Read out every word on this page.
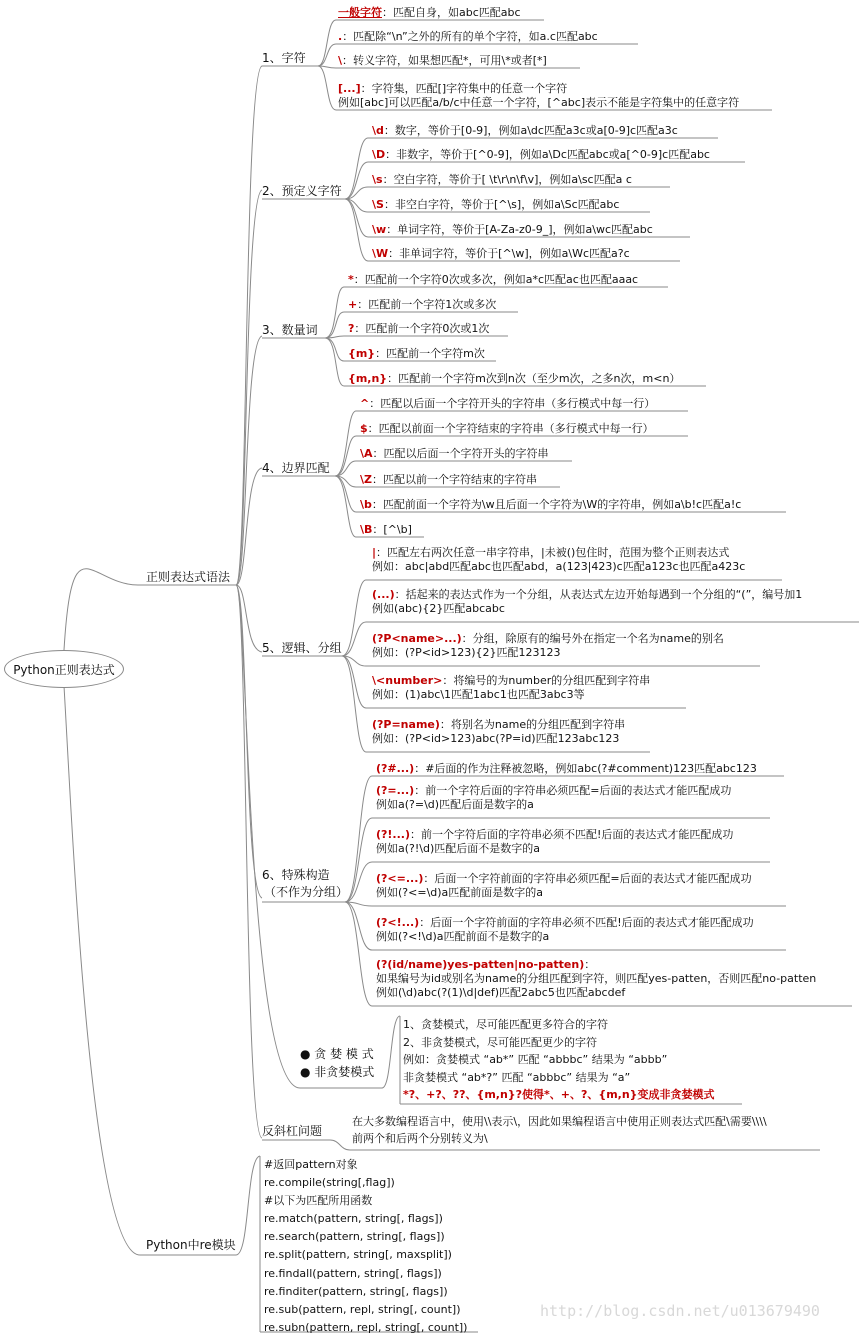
Python正则表达式
正则表达式语法
Python中re模块
1、字符
2、预定义字符
3、数量词
4、边界匹配
5、逻辑、分组
6、特殊构造
（不作为分组）
反斜杠问题
一般字符：匹配自身，如abc匹配abc
.：匹配除“\n”之外的所有的单个字符，如a.c匹配abc
\：转义字符，如果想匹配*，可用\*或者[*]
[...]：字符集，匹配[]字符集中的任意一个字符
例如[abc]可以匹配a/b/c中任意一个字符，[^abc]表示不能是字符集中的任意字符
\d：数字，等价于[0-9]，例如a\dc匹配a3c或a[0-9]c匹配a3c
\D：非数字，等价于[^0-9]，例如a\Dc匹配abc或a[^0-9]c匹配abc
\s：空白字符，等价于[ \t\r\n\f\v]，例如a\sc匹配a c
\S：非空白字符，等价于[^\s]，例如a\Sc匹配abc
\w：单词字符，等价于[A-Za-z0-9_]，例如a\wc匹配abc
\W：非单词字符，等价于[^\w]，例如a\Wc匹配a?c
*：匹配前一个字符0次或多次，例如a*c匹配ac也匹配aaac
+：匹配前一个字符1次或多次
?：匹配前一个字符0次或1次
{m}：匹配前一个字符m次
{m,n}：匹配前一个字符m次到n次（至少m次，之多n次，m<n）
^：匹配以后面一个字符开头的字符串（多行模式中每一行）
$：匹配以前面一个字符结束的字符串（多行模式中每一行）
\A：匹配以后面一个字符开头的字符串
\Z：匹配以前一个字符结束的字符串
\b：匹配前面一个字符为\w且后面一个字符为\W的字符串，例如a\b!c匹配a!c
\B：[^\b]
|：匹配左右两次任意一串字符串，|未被()包住时，范围为整个正则表达式
例如：abc|abd匹配abc也匹配abd，a(123|423)c匹配a123c也匹配a423c
(...)：括起来的表达式作为一个分组，从表达式左边开始每遇到一个分组的“(”，编号加1
例如(abc){2}匹配abcabc
(?P<name>...)：分组，除原有的编号外在指定一个名为name的别名
例如：(?P<id>123){2}匹配123123
\<number>：将编号的为number的分组匹配到字符串
例如：(1)abc\1匹配1abc1也匹配3abc3等
(?P=name)：将别名为name的分组匹配到字符串
例如：(?P<id>123)abc(?P=id)匹配123abc123
(?#...)：#后面的作为注释被忽略，例如abc(?#comment)123匹配abc123
(?=...)：前一个字符后面的字符串必须匹配=后面的表达式才能匹配成功
例如a(?=\d)匹配后面是数字的a
(?!...)：前一个字符后面的字符串必须不匹配!后面的表达式才能匹配成功
例如a(?!\d)匹配后面不是数字的a
(?<=...)：后面一个字符前面的字符串必须匹配=后面的表达式才能匹配成功
例如(?<=\d)a匹配前面是数字的a
(?<!...)：后面一个字符前面的字符串必须不匹配!后面的表达式才能匹配成功
例如(?<!\d)a匹配前面不是数字的a
(?(id/name)yes-patten|no-patten)：
如果编号为id或别名为name的分组匹配到字符，则匹配yes-patten，否则匹配no-patten
例如(\d)abc(?(1)\d|def)匹配2abc5也匹配abcdef
● 贪 婪 模 式
● 非贪婪模式
1、贪婪模式，尽可能匹配更多符合的字符
2、非贪婪模式，尽可能匹配更少的字符
例如：贪婪模式 “ab*” 匹配 “abbbc” 结果为 “abbb”
非贪婪模式 “ab*?” 匹配 “abbbc” 结果为 “a”
*?、+?、??、{m,n}?使得*、+、?、{m,n}变成非贪婪模式
在大多数编程语言中，使用\\表示\，因此如果编程语言中使用正则表达式匹配\需要\\\\
前两个和后两个分别转义为\
#返回pattern对象
re.compile(string[,flag])
#以下为匹配所用函数
re.match(pattern, string[, flags])
re.search(pattern, string[, flags])
re.split(pattern, string[, maxsplit])
re.findall(pattern, string[, flags])
re.finditer(pattern, string[, flags])
re.sub(pattern, repl, string[, count])
re.subn(pattern, repl, string[, count])
http://blog.csdn.net/u013679490
